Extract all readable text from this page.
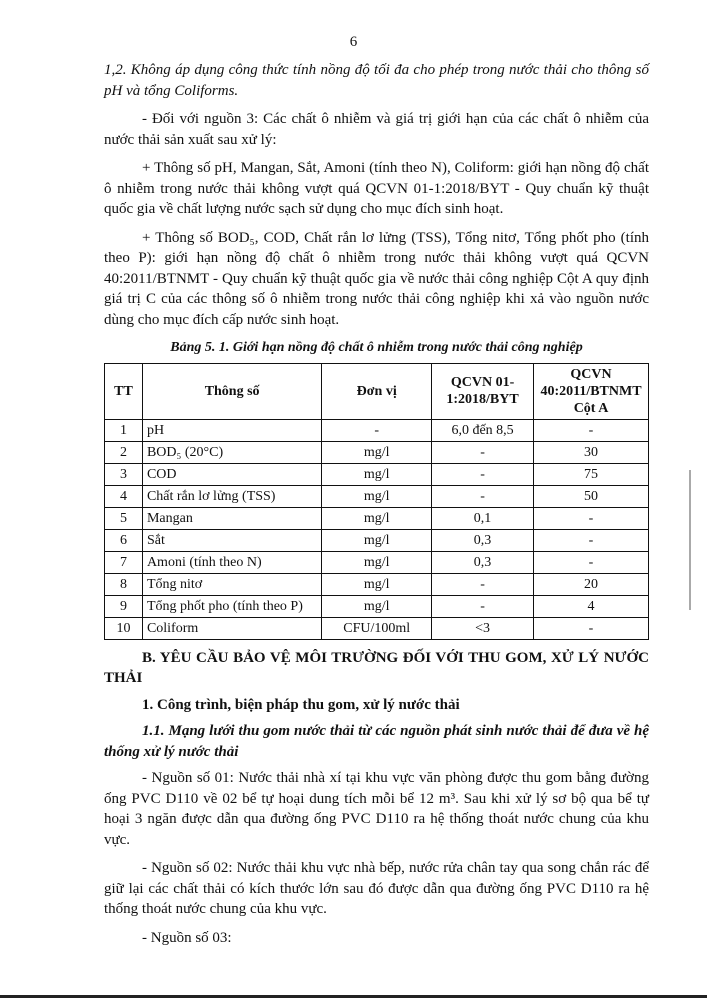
6

1,2. Không áp dụng công thức tính nồng độ tối đa cho phép trong nước thải cho thông số pH và tổng Coliforms.

- Đối với nguồn 3: Các chất ô nhiễm và giá trị giới hạn của các chất ô nhiễm của nước thải sản xuất sau xử lý:

+ Thông số pH, Mangan, Sắt, Amoni (tính theo N), Coliform: giới hạn nồng độ chất ô nhiễm trong nước thải không vượt quá QCVN 01-1:2018/BYT - Quy chuẩn kỹ thuật quốc gia về chất lượng nước sạch sử dụng cho mục đích sinh hoạt.

+ Thông số BOD₅, COD, Chất rắn lơ lửng (TSS), Tổng nitơ, Tổng phốt pho (tính theo P): giới hạn nồng độ chất ô nhiễm trong nước thải không vượt quá QCVN 40:2011/BTNMT - Quy chuẩn kỹ thuật quốc gia về nước thải công nghiệp Cột A quy định giá trị C của các thông số ô nhiễm trong nước thải công nghiệp khi xả vào nguồn nước dùng cho mục đích cấp nước sinh hoạt.

Bảng 5. 1. Giới hạn nồng độ chất ô nhiễm trong nước thải công nghiệp
TT	Thông số	Đơn vị	QCVN 01-1:2018/BYT	QCVN 40:2011/BTNMT Cột A
1	pH	-	6,0 đến 8,5	-
2	BOD₅ (20°C)	mg/l	-	30
3	COD	mg/l	-	75
4	Chất rắn lơ lửng (TSS)	mg/l	-	50
5	Mangan	mg/l	0,1	-
6	Sắt	mg/l	0,3	-
7	Amoni (tính theo N)	mg/l	0,3	-
8	Tổng nitơ	mg/l	-	20
9	Tổng phốt pho (tính theo P)	mg/l	-	4
10	Coliform	CFU/100ml	<3	-

B. YÊU CẦU BẢO VỆ MÔI TRƯỜNG ĐỐI VỚI THU GOM, XỬ LÝ NƯỚC THẢI

1. Công trình, biện pháp thu gom, xử lý nước thải

1.1. Mạng lưới thu gom nước thải từ các nguồn phát sinh nước thải để đưa về hệ thống xử lý nước thải

- Nguồn số 01: Nước thải nhà xí tại khu vực văn phòng được thu gom bằng đường ống PVC D110 về 02 bể tự hoại dung tích mỗi bể 12 m³. Sau khi xử lý sơ bộ qua bể tự hoại 3 ngăn được dẫn qua đường ống PVC D110 ra hệ thống thoát nước chung của khu vực.

- Nguồn số 02: Nước thải khu vực nhà bếp, nước rửa chân tay qua song chắn rác để giữ lại các chất thải có kích thước lớn sau đó được dẫn qua đường ống PVC D110 ra hệ thống thoát nước chung của khu vực.

- Nguồn số 03:
